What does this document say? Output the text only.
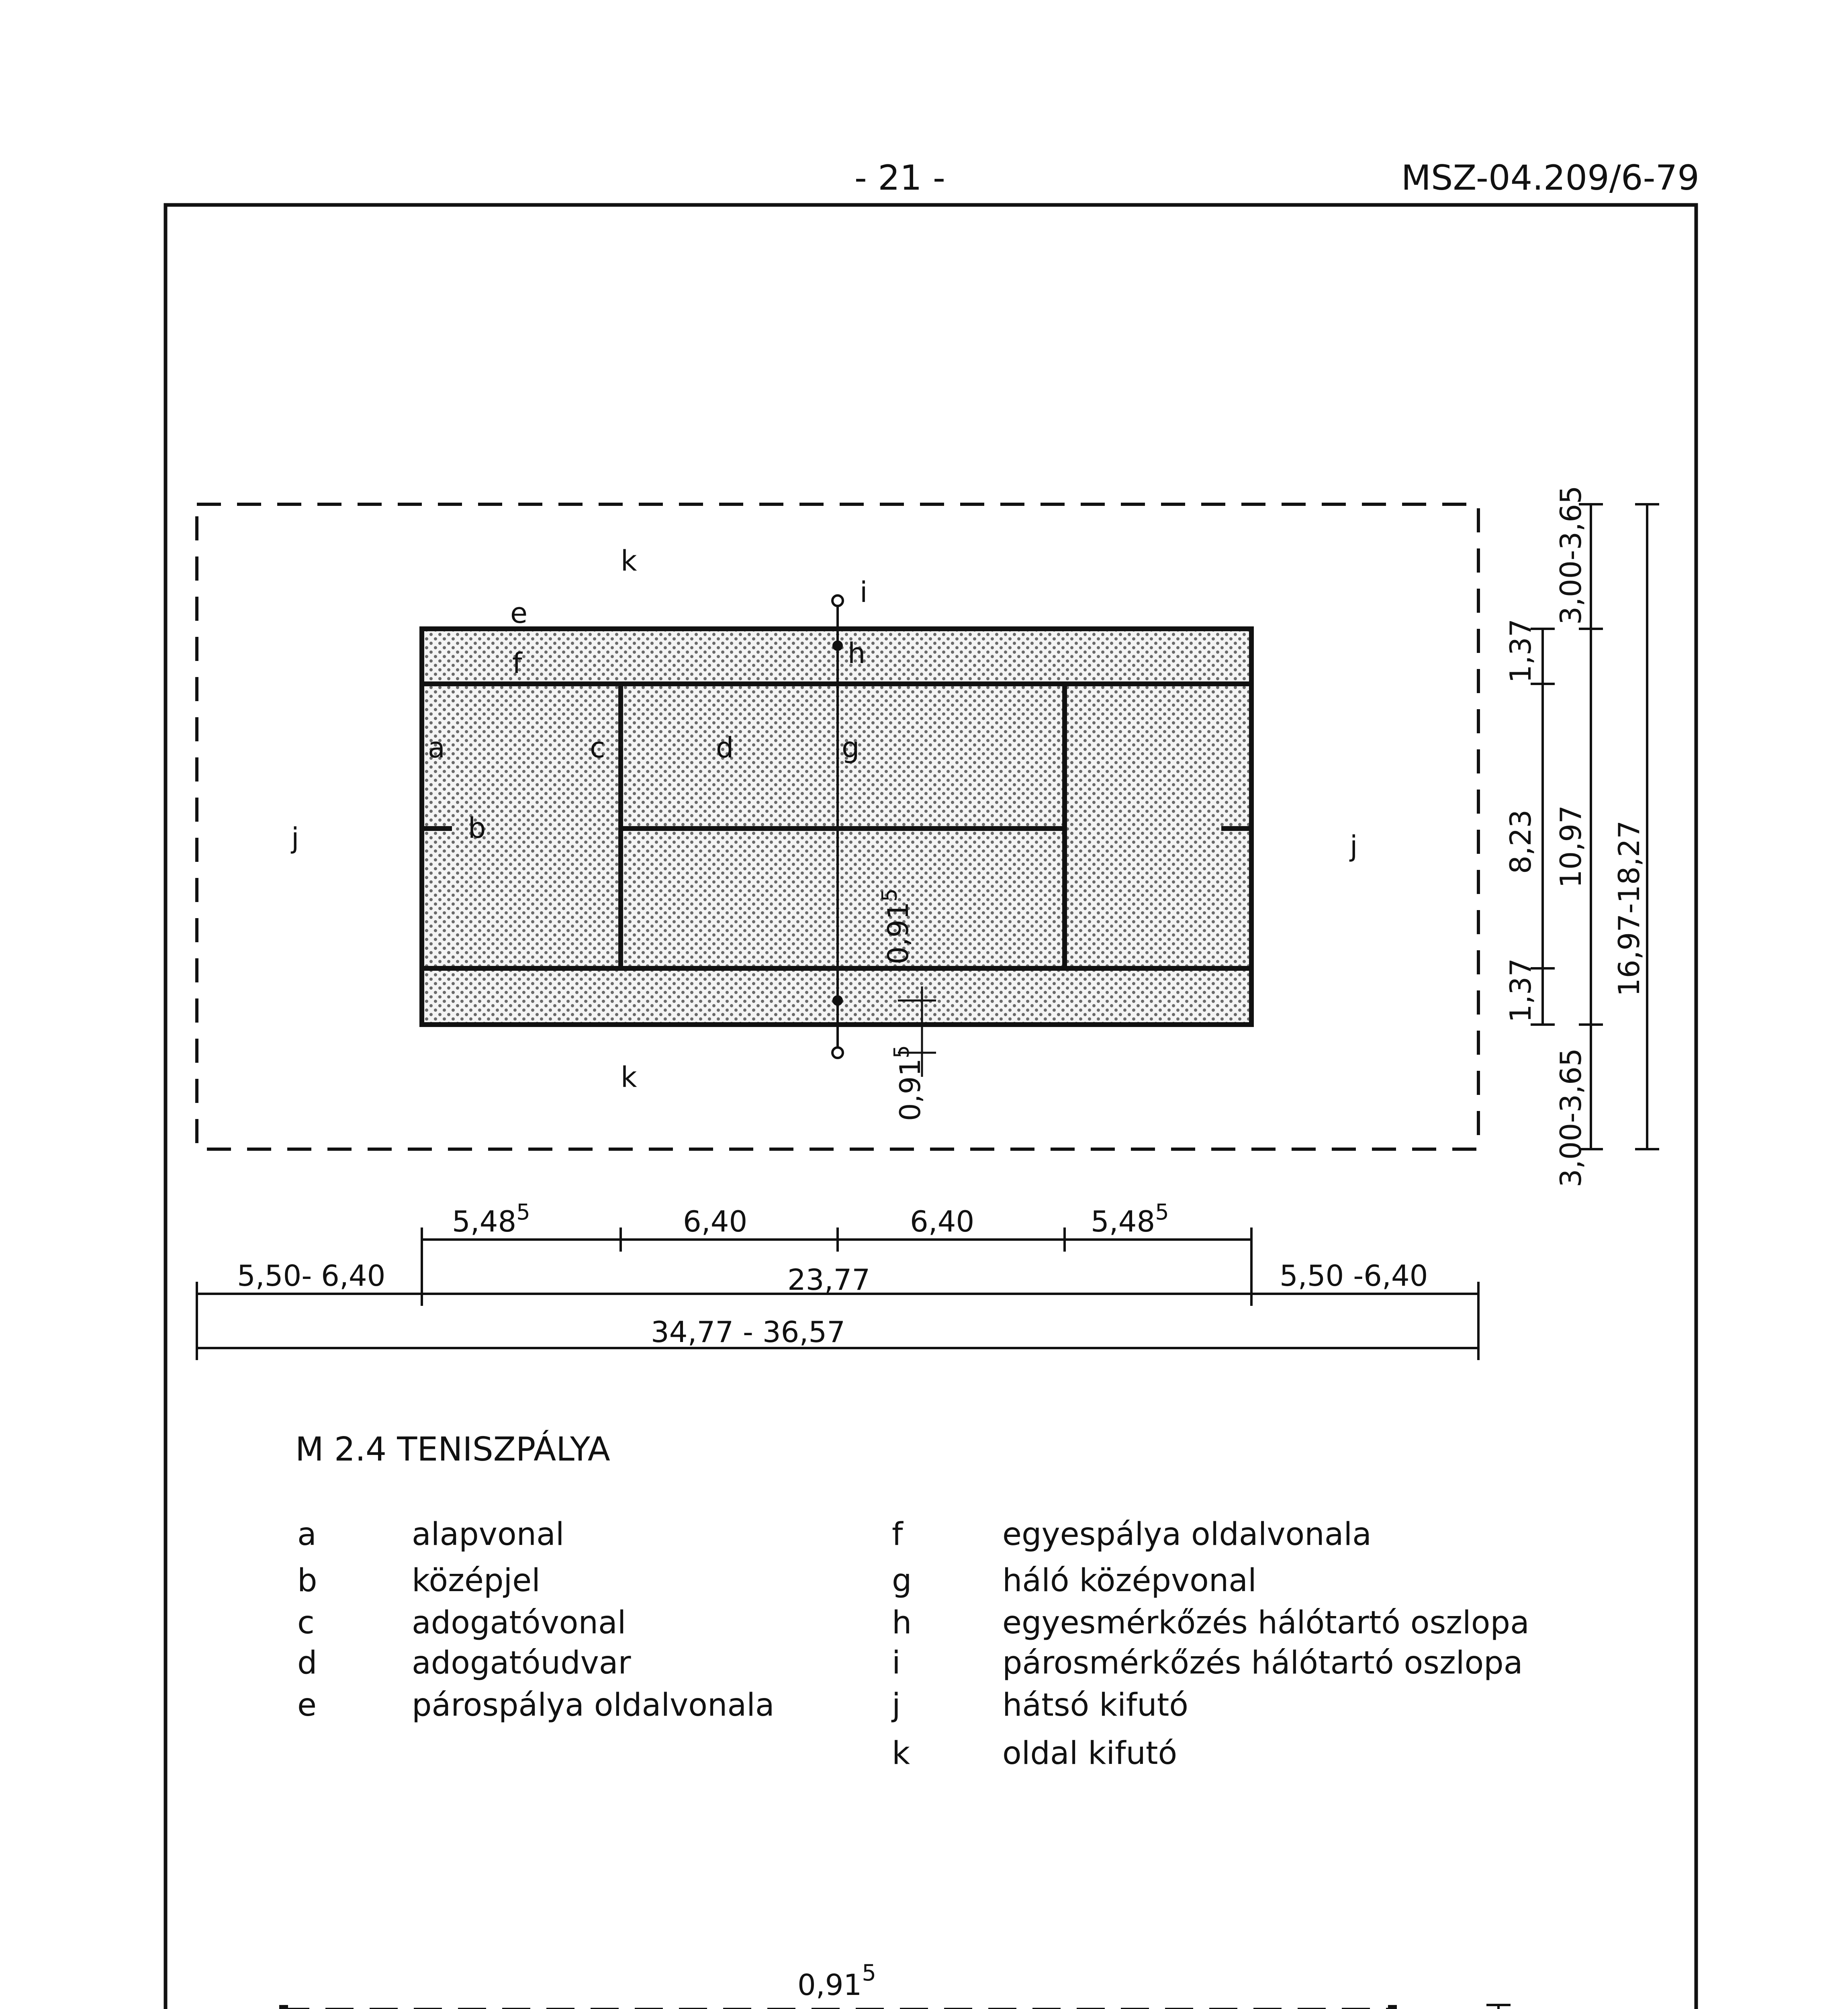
- 21 -	MSZ-04.209/6-79
0,91$^5$
0,91$^5$
k
k
j	j
e
f
a
b
c	d	g
h
i
1,37
8,23
1,37
3,00-3,65
10,97
3,00-3,65
16,97-18,27
5,48$^5$	6,40	6,40	5,48$^5$
5,50- 6,40	23,77	5,50 -6,40
34,77 - 36,57
M 2.4 TENISZPÁLYA
a	alapvonal
b	középjel
c	adogatóvonal
d	adogatóudvar
e	párospálya oldalvonala
f	egyespálya oldalvonala
g	háló középvonal
h	egyesmérkőzés hálótartó oszlopa
i	párosmérkőzés hálótartó oszlopa
j	hátsó kifutó
k	oldal kifutó
0,91$^5$
